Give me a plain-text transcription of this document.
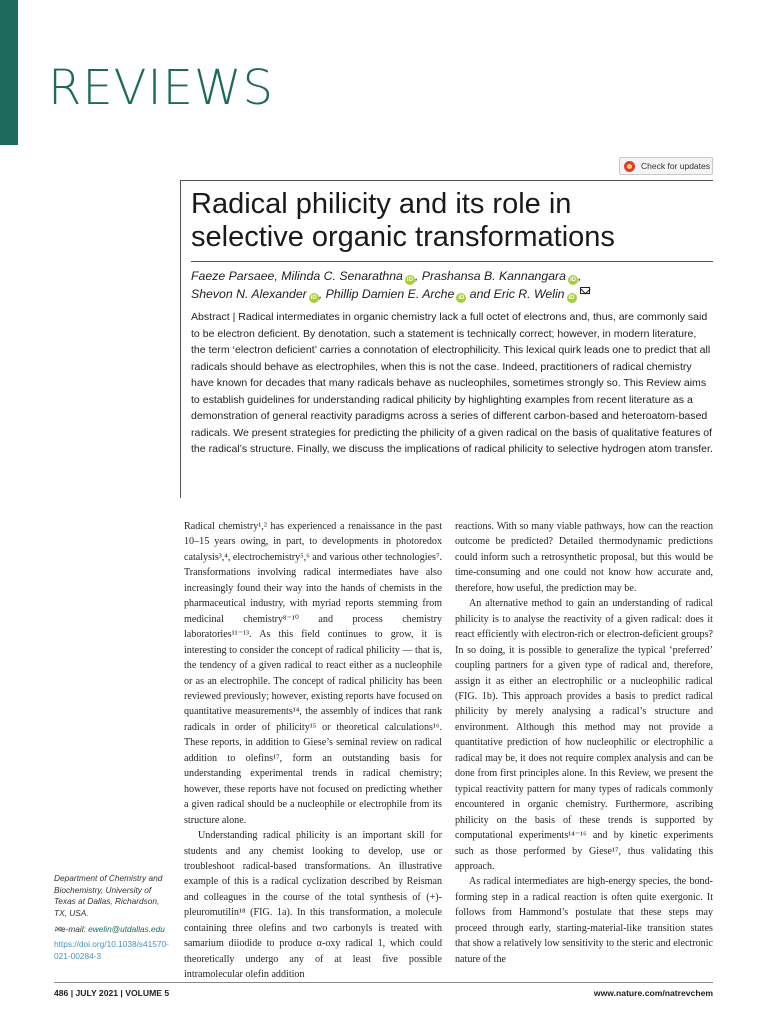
REVIEWS
Check for updates
Radical philicity and its role in
selective organic transformations
Faeze Parsaee, Milinda C. Senarathna iD , Prashansa B. Kannangara iD ,
Shevon N. Alexander iD , Phillip Damien E. Arche iD and Eric R. Welin iD

Abstract | Radical intermediates in organic chemistry lack a full octet of electrons and, thus, are commonly said to be electron deficient. By denotation, such a statement is technically correct; however, in modern literature, the term ‘electron deficient’ carries a connotation of electrophilicity. This lexical quirk leads one to predict that all radicals should behave as electrophiles, when this is not the case. Indeed, practitioners of radical chemistry have known for decades that many radicals behave as nucleophiles, sometimes strongly so. This Review aims to establish guidelines for understanding radical philicity by highlighting examples from recent literature as a demonstration of general reactivity paradigms across a series of different carbon-based and heteroatom-based radicals. We present strategies for predicting the philicity of a given radical on the basis of qualitative features of the radical’s structure. Finally, we discuss the implications of radical philicity to selective hydrogen atom transfer.

Radical chemistry¹,² has experienced a renaissance in the past 10–15 years owing, in part, to developments in photoredox catalysis³,⁴, electrochemistry⁵,⁶ and various other technologies⁷. Transformations involving radical intermediates have also increasingly found their way into the hands of chemists in the pharmaceutical industry, with myriad reports stemming from medicinal chemistry⁸⁻¹⁰ and process chemistry laboratories¹¹⁻¹³. As this field continues to grow, it is interesting to consider the concept of radical philicity — that is, the tendency of a given radical to react either as a nucleophile or as an electrophile. The concept of radical philicity has been reviewed previously; however, existing reports have focused on quantitative measurements¹⁴, the assembly of indices that rank radicals in order of philicity¹⁵ or theoretical calculations¹⁶. These reports, in addition to Giese’s seminal review on radical addition to olefins¹⁷, form an outstanding basis for understanding experimental trends in radical chemistry; however, these reports have not focused on predicting whether a given radical should be a nucleophile or electrophile from its structure alone.

Understanding radical philicity is an important skill for students and any chemist looking to develop, use or troubleshoot radical-based transformations. An illustrative example of this is a radical cyclization described by Reisman and colleagues in the course of the total synthesis of (+)-pleuromutilin¹⁸ (FIG. 1a). In this transformation, a molecule containing three olefins and two carbonyls is treated with samarium diiodide to produce α-oxy radical 1, which could theoretically undergo any of at least five possible intramolecular olefin addition

reactions. With so many viable pathways, how can the reaction outcome be predicted? Detailed thermodynamic predictions could inform such a retrosynthetic proposal, but this would be time-consuming and one could not know how accurate and, therefore, how useful, the prediction may be.

An alternative method to gain an understanding of radical philicity is to analyse the reactivity of a given radical: does it react efficiently with electron-rich or electron-deficient groups? In so doing, it is possible to generalize the typical ‘preferred’ coupling partners for a given type of radical and, therefore, assign it as either an electrophilic or a nucleophilic radical (FIG. 1b). This approach provides a basis to predict radical philicity by merely analysing a radical’s structure and environment. Although this method may not provide a quantitative prediction of how nucleophilic or electrophilic a radical may be, it does not require complex analysis and can be done from first principles alone. In this Review, we present the typical reactivity pattern for many types of radicals commonly encountered in organic chemistry. Furthermore, ascribing philicity on the basis of these trends is supported by computational experiments¹⁴⁻¹⁶ and by kinetic experiments such as those performed by Giese¹⁷, thus validating this approach.

As radical intermediates are high-energy species, the bond-forming step in a radical reaction is often quite exergonic. It follows from Hammond’s postulate that these steps may proceed through early, starting-material-like transition states that show a relatively low sensitivity to the steric and electronic nature of the

Department of Chemistry and Biochemistry, University of Texas at Dallas, Richardson, TX, USA.
✉e-mail: ewelin@utdallas.edu
https://doi.org/10.1038/s41570-021-00284-3
486 | JULY 2021 | VOLUME 5	www.nature.com/natrevchem
